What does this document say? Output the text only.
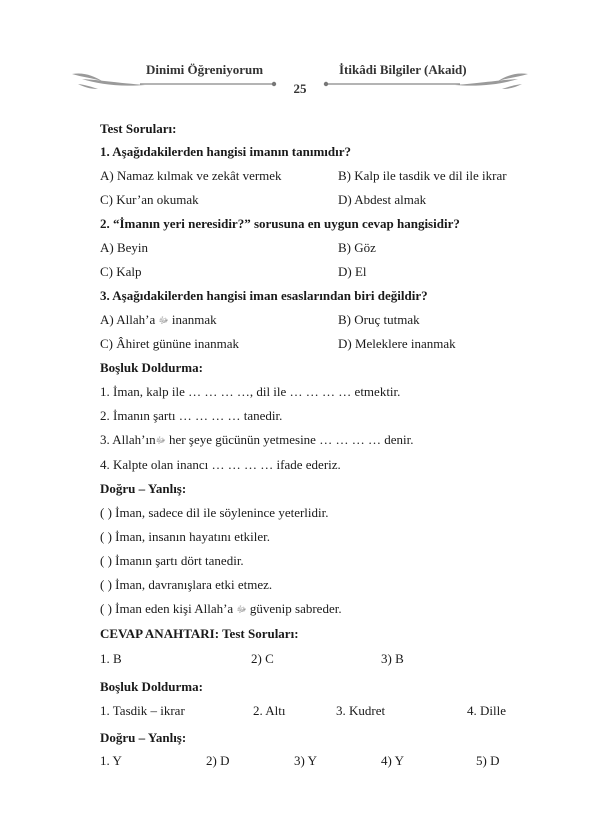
Dinimi Öğreniyorum	İtikâdi Bilgiler (Akaid)
25
Test Soruları:
1. Aşağıdakilerden hangisi imanın tanımıdır?
A) Namaz kılmak ve zekât vermek	B) Kalp ile tasdik ve dil ile ikrar
C) Kur’an okumak	D) Abdest almak
2. “İmanın yeri neresidir?” sorusuna en uygun cevap hangisidir?
A) Beyin	B) Göz
C) Kalp	D) El
3. Aşağıdakilerden hangisi iman esaslarından biri değildir?
A) Allah’a ﷻ inanmak	B) Oruç tutmak
C) Âhiret gününe inanmak	D) Meleklere inanmak
Boşluk Doldurma:
1. İman, kalp ile … … … …, dil ile … … … … etmektir.
2. İmanın şartı … … … … tanedir.
3. Allah’ınﷻ her şeye gücünün yetmesine … … … … denir.
4. Kalpte olan inancı … … … … ifade ederiz.
Doğru – Yanlış:
( ) İman, sadece dil ile söylenince yeterlidir.
( ) İman, insanın hayatını etkiler.
( ) İmanın şartı dört tanedir.
( ) İman, davranışlara etki etmez.
( ) İman eden kişi Allah’a ﷻ güvenip sabreder.
CEVAP ANAHTARI: Test Soruları:
1. B	2) C	3) B
Boşluk Doldurma:
1. Tasdik – ikrar	2. Altı	3. Kudret	4. Dille
Doğru – Yanlış:
1. Y	2) D	3) Y	4) Y	5) D
